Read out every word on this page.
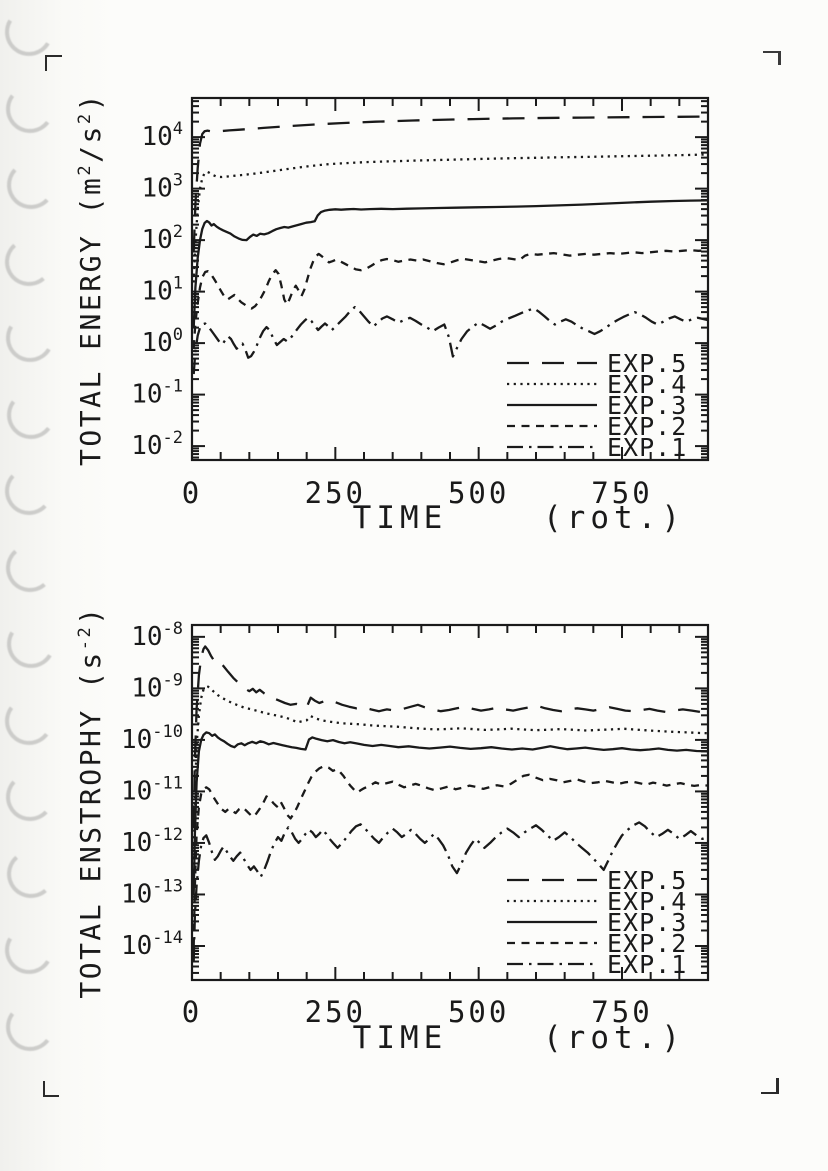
0	250	500	750
$10^4$
$10^3$
$10^2$
$10^1$
$10^0$
$10^{-1}$
$10^{-2}$
TIME	(rot.)
TOTAL ENERGY $(m^2/s^2)$
EXP.5
EXP.4
EXP.3
EXP.2
EXP.1
0	250	500	750
$10^{-8}$
$10^{-9}$
$10^{-10}$
$10^{-11}$
$10^{-12}$
$10^{-13}$
$10^{-14}$
TIME	(rot.)
TOTAL ENSTROPHY $(s^{-2})$
EXP.5
EXP.4
EXP.3
EXP.2
EXP.1
